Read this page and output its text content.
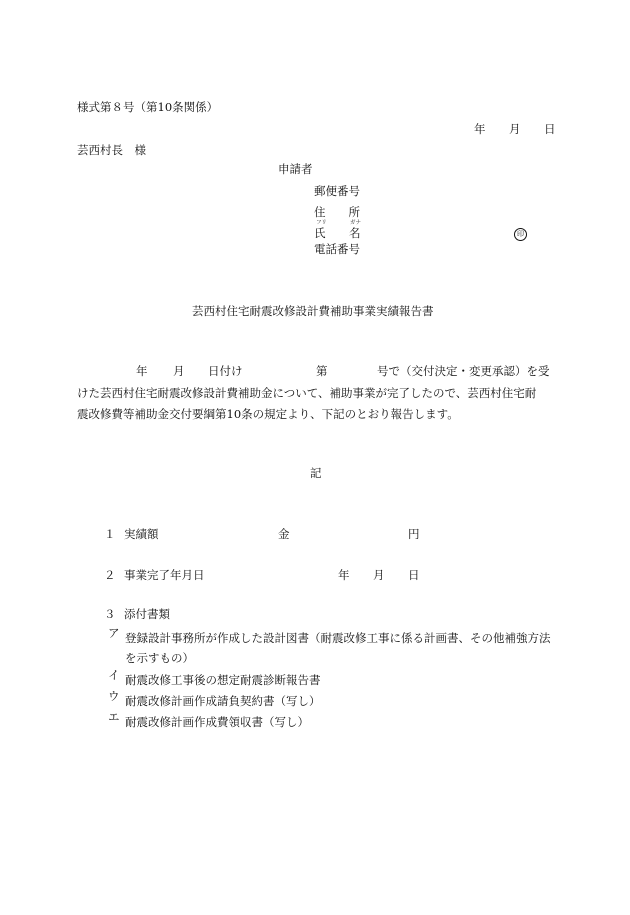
様式第８号（第10条関係）
年 月 日
芸西村長　様
申請者
郵便番号
住　　所
フリ	ガナ
氏 名	印
電話番号
芸西村住宅耐震改修設計費補助事業実績報告書
年 月 日付け	第	号で（交付決定・変更承認）を受
けた芸西村住宅耐震改修設計費補助金について、補助事業が完了したので、芸西村住宅耐
震改修費等補助金交付要綱第10条の規定より、下記のとおり報告します。
記
１ 実績額	金	円
２ 事業完了年月日	年 月 日
３ 添付書類
ア 登録設計事務所が作成した設計図書（耐震改修工事に係る計画書、その他補強方法を示すもの）
イ 耐震改修工事後の想定耐震診断報告書
ウ 耐震改修計画作成請負契約書（写し）
エ 耐震改修計画作成費領収書（写し）
